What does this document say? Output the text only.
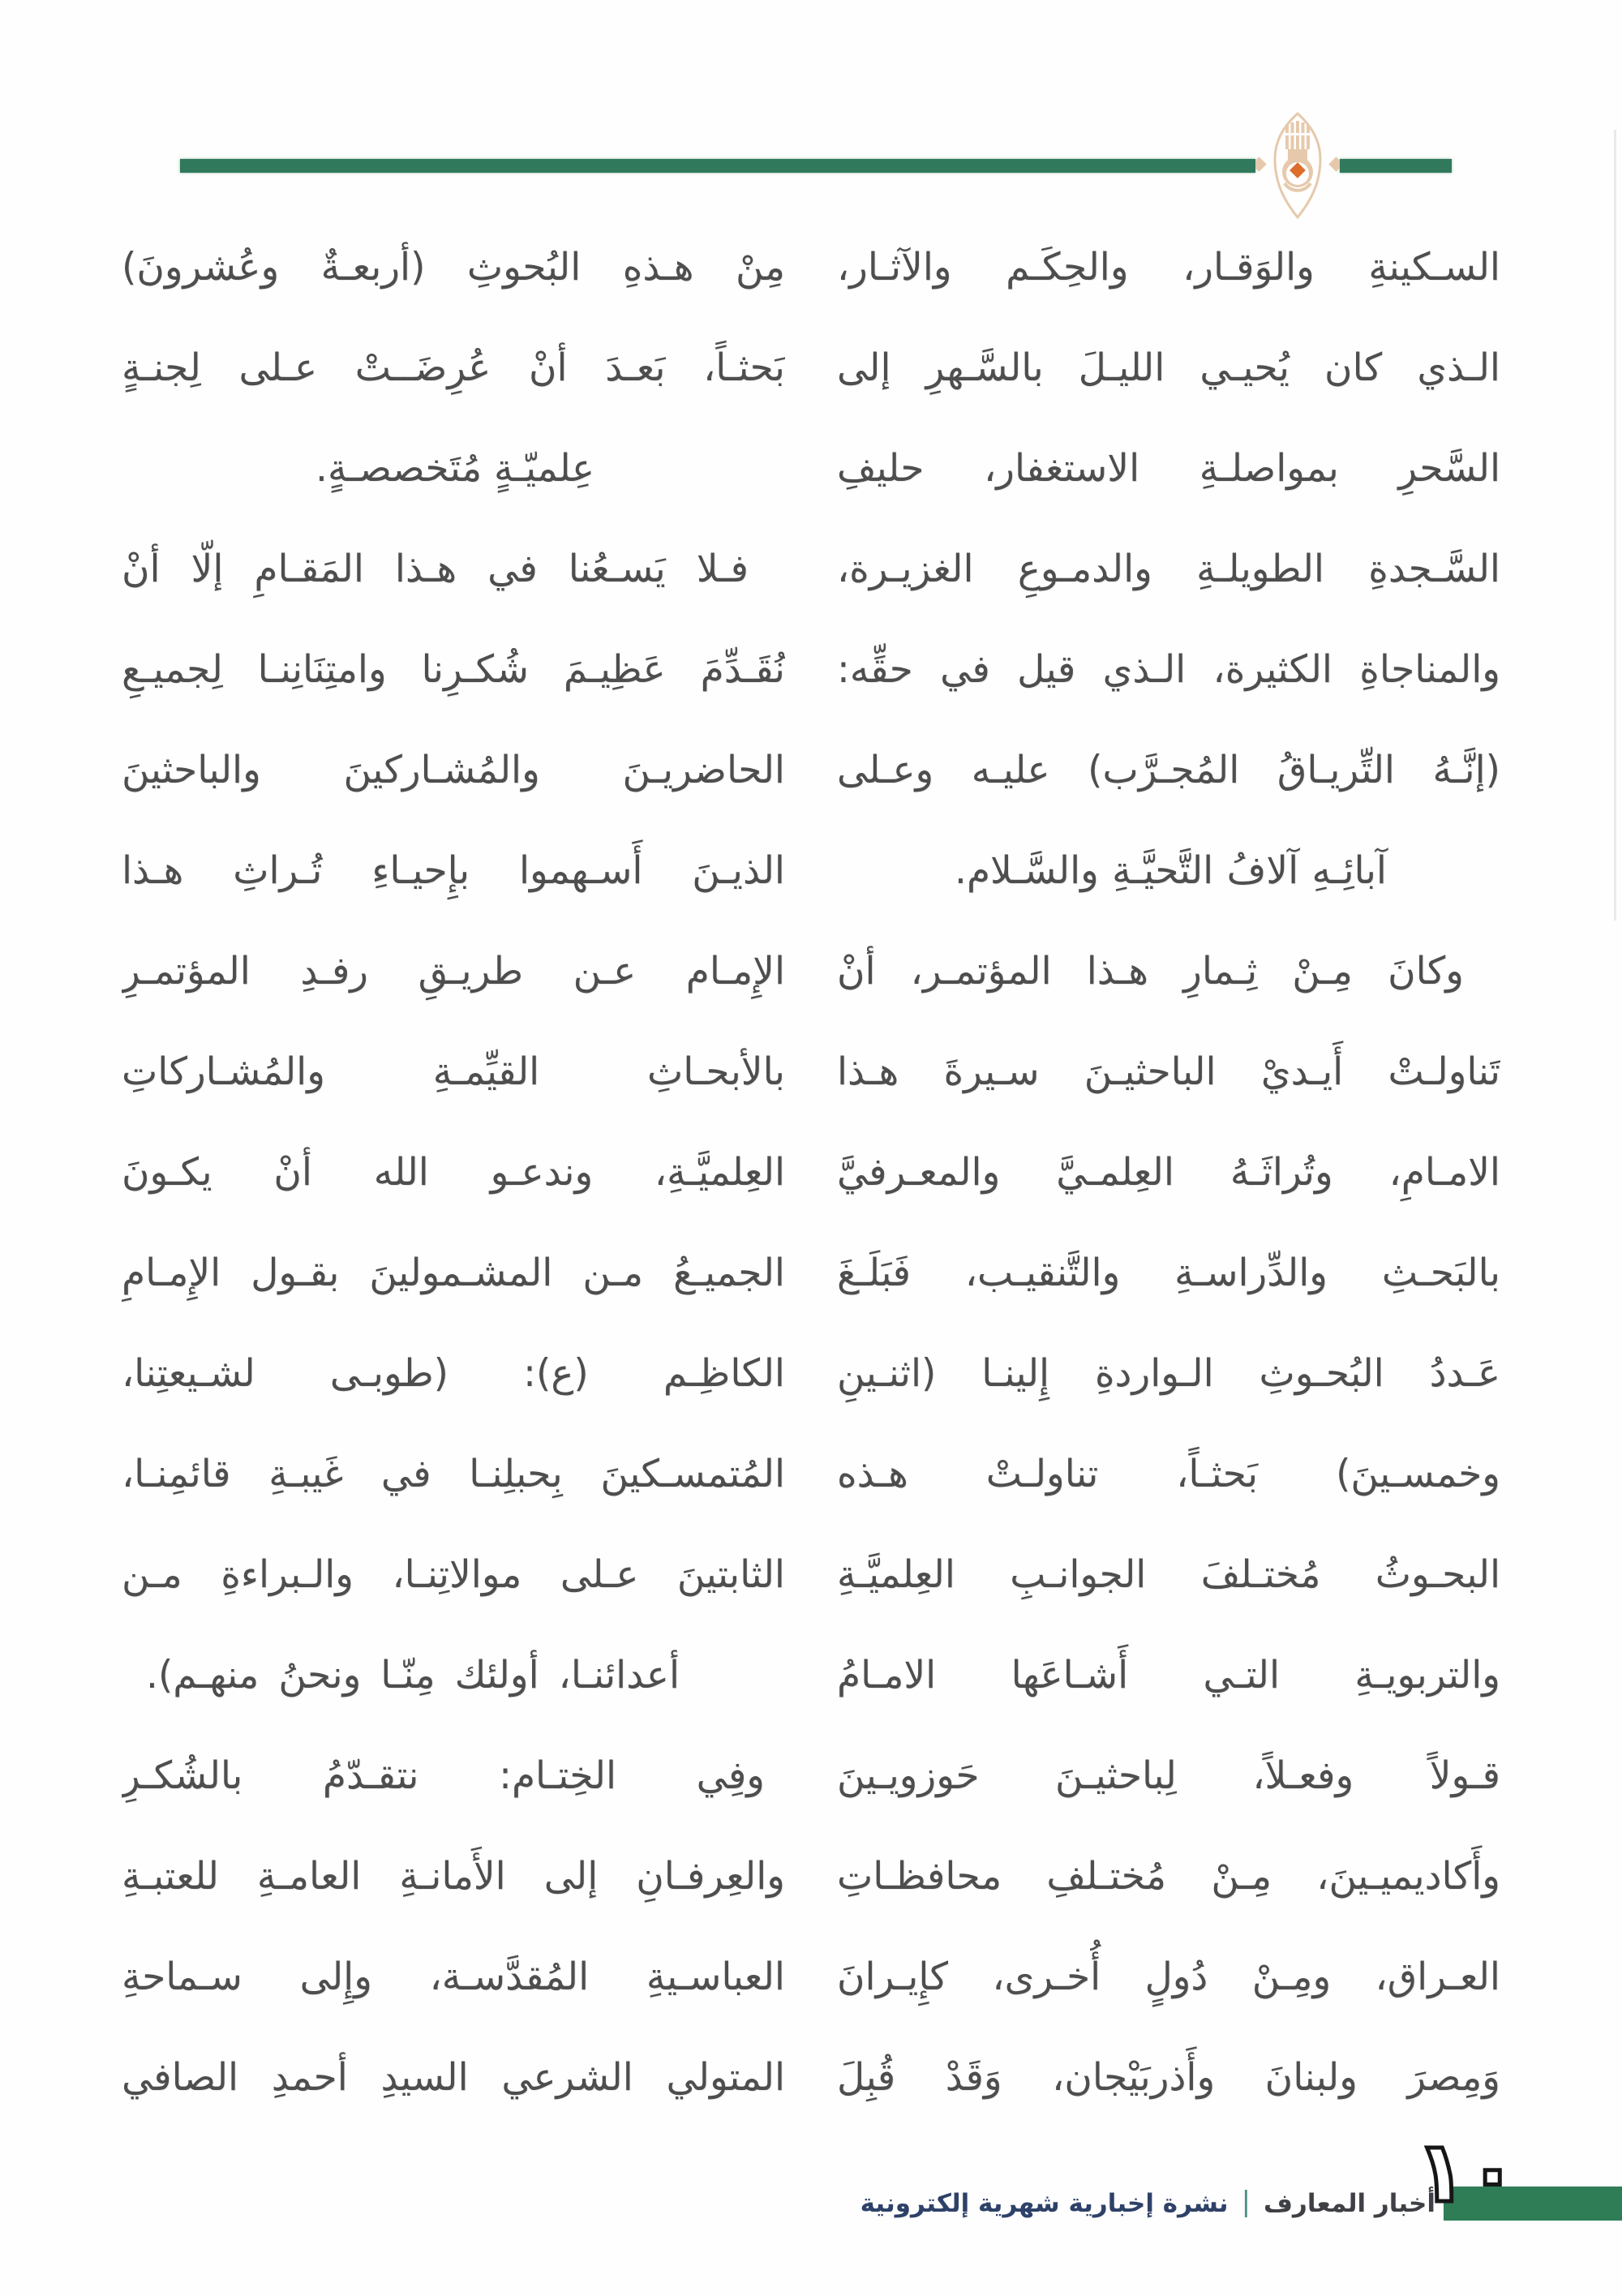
السـكينةِ والوَقـار، والحِكَـم والآثـار،
الـذي كان يُحيـي الليـلَ بالسَّـهرِ إلى
السَّحرِ بمواصلـةِ الاستغفار، حليفِ
السَّـجدةِ الطويلـةِ والدمـوعِ الغزيـرة،
والمناجاةِ الكثيرة، الـذي قيل في حقِّه:
(إنَّـهُ التِّريـاقُ المُجـرَّب) عليـه وعـلى
آبائِـهِ آلافُ التَّحيَّـةِ والسَّـلام.
وكانَ مِـنْ ثِـمارِ هـذا المؤتمـر، أنْ
تَناولـتْ أَيـديْ الباحثيـنَ سـيرةَ هـذا
الامـامِ، وتُراثَـهُ العِلمـيَّ والمعـرفيَّ
بالبَحـثِ والدِّراسـةِ والتَّنقيـب، فَبَلَـغَ
عَـددُ البُحـوثِ الـواردةِ إِلينـا (اثنـينِ
وخمسـينَ) بَحثـاً، تناولـتْ هـذه
البحـوثُ مُختـلفَ الجوانـبِ العِلميَّـةِ
والتربويـةِ التـي أَشـاعَها الامـامُ
قـولاً وفعـلاً، لِباحثيـنَ حَوزويـينَ
وأَكاديميـينَ، مِـنْ مُختـلفِ محافظـاتِ
العـراق، ومِـنْ دُولٍ أُخـرى، كإِيـرانَ
وَمِصرَ ولبنانَ وأَذربَيْجان، وَقَدْ قُبِلَ
مِنْ هـذهِ البُحوثِ (أربعـةٌ وعُشرونَ)
بَحثـاً، بَعـدَ أنْ عُرِضَــتْ عـلى لِجنـةٍ
عِلميّـةٍ مُتَخصصـةٍ.
فـلا يَسـعُنا في هـذا المَقـامِ إلّا أنْ
نُقَـدِّمَ عَظِيـمَ شُكـرِنا وامتِنَانِنـا لِجميـعِ
الحاضريـنَ والمُشـاركينَ والباحثينَ
الذيـنَ أَسـهموا بإِحيـاءِ تُـراثِ هـذا
الإِمـام عـن طريـقِ رفـدِ المؤتمـرِ
بالأبحـاثِ القيِّمـةِ والمُشـاركاتِ
العِلميَّـةِ، وندعـو الله أنْ يكـونَ
الجميـعُ مـن المشـمولينَ بقـول الإِمـامِ
الكاظِـم (ع): (طوبـى لشـيعتِنا،
المُتمسـكينَ بِحبلِنـا في غَيبـةِ قائمِنـا،
الثابتينَ عـلى موالاتِنـا، والـبراءةِ مـن
أعدائنـا، أولئك مِنّـا ونحنُ منهـم).
وفِي الخِتـام: نتقـدّمُ بالشُكـرِ
والعِرفـانِ إلى الأَمانـةِ العامـةِ للعتبـةِ
العباسـيةِ المُقدَّسـة، وإِلى سـماحةِ
المتولي الشرعي السيدِ أحمدِ الصافي
١٠
أخبار المعارف
|
نشرة إخبارية شهرية إلكترونية
